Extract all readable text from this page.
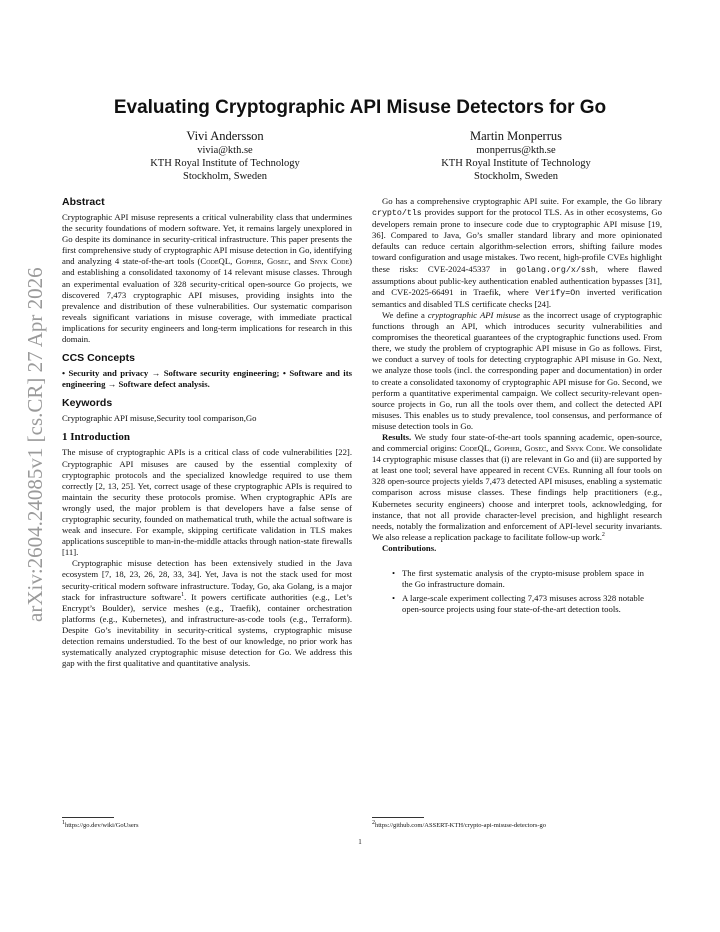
arXiv:2604.24085v1 [cs.CR] 27 Apr 2026
Evaluating Cryptographic API Misuse Detectors for Go
Vivi Andersson
vivia@kth.se
KTH Royal Institute of Technology
Stockholm, Sweden
Martin Monperrus
monperrus@kth.se
KTH Royal Institute of Technology
Stockholm, Sweden
Abstract

Cryptographic API misuse represents a critical vulnerability class that undermines the security foundations of modern software. Yet, it remains largely unexplored in Go despite its dominance in security-critical infrastructure. This paper presents the first comprehensive study of cryptographic API misuse detection in Go, identifying and analyzing 4 state-of-the-art tools (CodeQL, Gopher, Gosec, and Snyk Code) and establishing a consolidated taxonomy of 14 relevant misuse classes. Through an experimental evaluation of 328 security-critical open-source Go projects, we discovered 7,473 cryptographic API misuses, providing insights into the prevalence and distribution of these vulnerabilities. Our systematic comparison reveals significant variations in misuse coverage, with immediate practical implications for security engineers and long-term implications for research in this domain.

CCS Concepts

• Security and privacy → Software security engineering; • Software and its engineering → Software defect analysis.

Keywords

Cryptographic API misuse,Security tool comparison,Go

1 Introduction

The misuse of cryptographic APIs is a critical class of code vulnerabilities [22]. Cryptographic API misuses are caused by the essential complexity of cryptographic protocols and the specialized knowledge required to use them correctly [2, 13, 25]. Yet, correct usage of these cryptographic APIs is required to maintain the security these protocols promise. When cryptographic APIs are wrongly used, the major problem is that developers have a false sense of cryptographic security, founded on mathematical truth, while the actual software is weak and insecure. For example, skipping certificate validation in TLS makes applications susceptible to man-in-the-middle attacks through nation-state firewalls [11].

Cryptographic misuse detection has been extensively studied in the Java ecosystem [7, 18, 23, 26, 28, 33, 34]. Yet, Java is not the stack used for most security-critical modern software infrastructure. Today, Go, aka Golang, is a major stack for infrastructure software$^1$. It powers certificate authorities (e.g., Let’s Encrypt’s Boulder), service meshes (e.g., Traefik), container orchestration platforms (e.g., Kubernetes), and infrastructure-as-code tools (e.g., Terraform). Despite Go’s inevitability in security-critical systems, cryptographic misuse detection remains understudied. To the best of our knowledge, no prior work has systematically analyzed cryptographic misuse detection for Go. We address this gap with the first qualitative and quantitative analysis.

Go has a comprehensive cryptographic API suite. For example, the Go library crypto/tls provides support for the protocol TLS. As in other ecosystems, Go developers remain prone to insecure code due to cryptographic API misuse [19, 36]. Compared to Java, Go’s smaller standard library and more opinionated defaults can reduce certain algorithm-selection errors, shifting failure modes toward configuration and usage mistakes. Two recent, high-profile CVEs highlight these risks: CVE-2024-45337 in golang.org/x/ssh, where flawed assumptions about public-key authentication enabled authentication bypasses [31], and CVE-2025-66491 in Traefik, where Verify=On inverted verification semantics and disabled TLS certificate checks [24].

We define a cryptographic API misuse as the incorrect usage of cryptographic functions through an API, which introduces security vulnerabilities and compromises the theoretical guarantees of the cryptographic functions used. From there, we study the problem of cryptographic API misuse in Go as follows. First, we conduct a survey of tools for detecting cryptographic API misuse in Go. Next, we analyze those tools (incl. the corresponding paper and documentation) in order to create a consolidated taxonomy of cryptographic API misuse for Go. Second, we perform a quantitative experimental campaign. We collect security-relevant open-source projects in Go, run all the tools over them, and collect the detected API misuses. This enables us to study prevalence, tool consensus, and performance of misuse detection tools in Go.

Results. We study four state-of-the-art tools spanning academic, open-source, and commercial origins: CodeQL, Gopher, Gosec, and Snyk Code. We consolidate 14 cryptographic misuse classes that (i) are relevant in Go and (ii) are supported by at least one tool; several have appeared in recent CVEs. Running all four tools on 328 open-source projects yields 7,473 detected API misuses, enabling a systematic comparison across misuse classes. These findings help practitioners (e.g., Kubernetes security engineers) choose and interpret tools, acknowledging, for instance, that not all provide character-level precision, and highlight research needs, notably the formalization and enforcement of API-level security invariants. We also release a replication package to facilitate follow-up work.$^2$

Contributions.

• The first systematic analysis of the crypto-misuse problem space in the Go infrastructure domain.
• A large-scale experiment collecting 7,473 misuses across 328 notable open-source projects using four state-of-the-art detection tools.
$^1$https://go.dev/wiki/GoUsers	$^2$https://github.com/ASSERT-KTH/crypto-api-misuse-detectors-go
1
